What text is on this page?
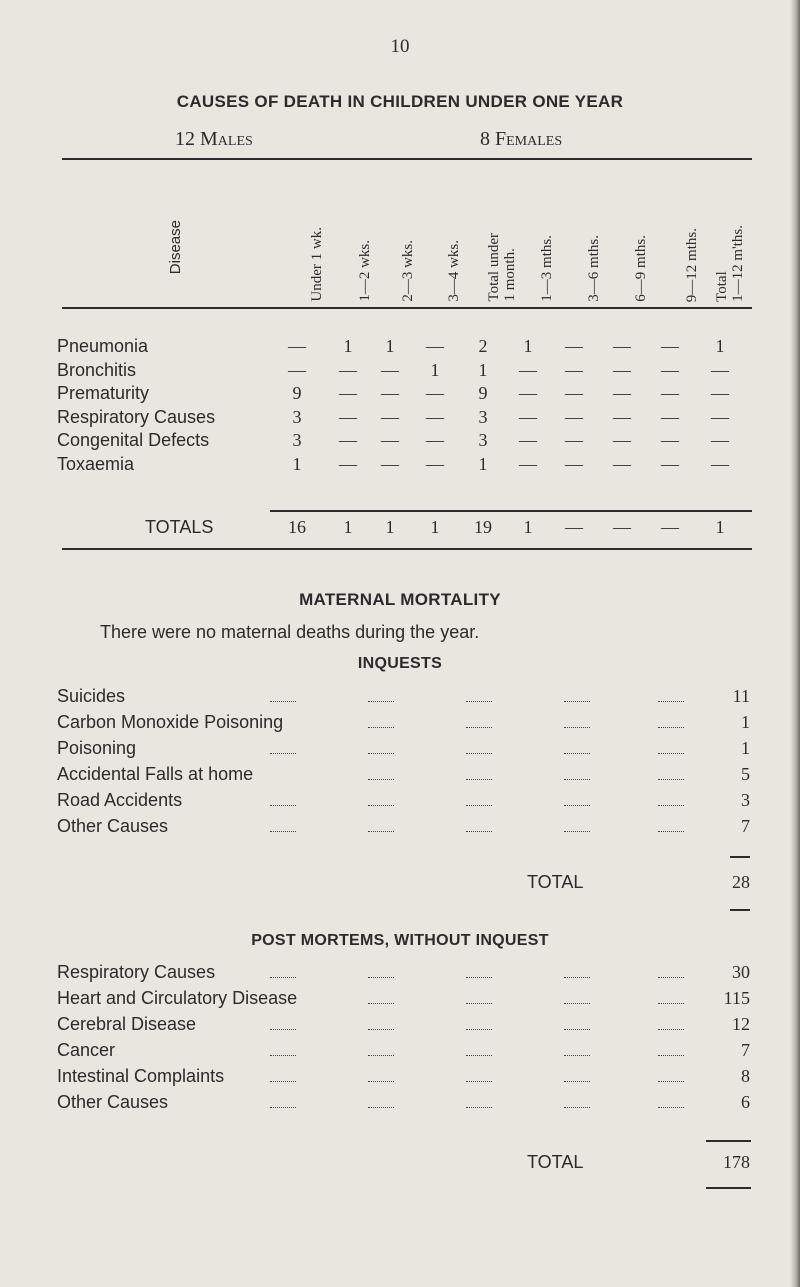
10
CAUSES OF DEATH IN CHILDREN UNDER ONE YEAR
12 Males	8 Females
Disease	Under 1 wk. 1—2 wks. 2—3 wks. 3—4 wks. Total under
1 month. 1—3 mths. 3—6 mths. 6—9 mths. 9—12 mths. Total
1—12 m'ths.
Pneumonia	—	1	1	—	2	1	—	—	—	1
Bronchitis	—	—	—	1	1	—	—	—	—	—
Prematurity	9	—	—	—	9	—	—	—	—	—
Respiratory Causes	3	—	—	—	3	—	—	—	—	—
Congenital Defects	3	—	—	—	3	—	—	—	—	—
Toxaemia	1	—	—	—	1	—	—	—	—	—
TOTALS	16	1	1	1	19	1	—	—	—	1
MATERNAL MORTALITY
There were no maternal deaths during the year.
INQUESTS
Suicides	11
Carbon Monoxide Poisoning	1
Poisoning	1
Accidental Falls at home	5
Road Accidents	3
Other Causes	7
TOTAL	28
POST MORTEMS, WITHOUT INQUEST
Respiratory Causes	30
Heart and Circulatory Disease	115
Cerebral Disease	12
Cancer	7
Intestinal Complaints	8
Other Causes	6
TOTAL	178
